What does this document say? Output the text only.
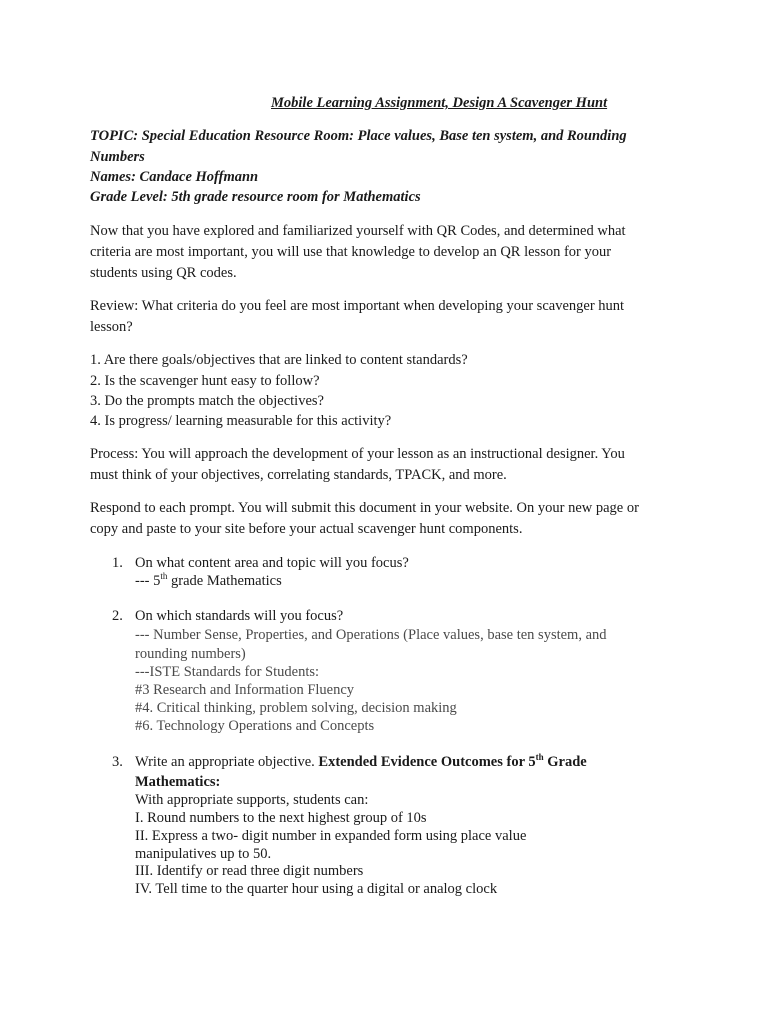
Mobile Learning Assignment, Design A Scavenger Hunt
TOPIC: Special Education Resource Room: Place values, Base ten system, and Rounding
Numbers
Names: Candace Hoffmann
Grade Level: 5th grade resource room for Mathematics
Now that you have explored and familiarized yourself with QR Codes, and determined what
criteria are most important, you will use that knowledge to develop an QR lesson for your
students using QR codes.
Review: What criteria do you feel are most important when developing your scavenger hunt
lesson?
1. Are there goals/objectives that are linked to content standards?
2. Is the scavenger hunt easy to follow?
3. Do the prompts match the objectives?
4. Is progress/ learning measurable for this activity?
Process: You will approach the development of your lesson as an instructional designer. You
must think of your objectives, correlating standards, TPACK, and more.
Respond to each prompt. You will submit this document in your website. On your new page or
copy and paste to your site before your actual scavenger hunt components.
1. On what content area and topic will you focus?
--- 5th grade Mathematics
2. On which standards will you focus?
--- Number Sense, Properties, and Operations (Place values, base ten system, and
rounding numbers)
---ISTE Standards for Students:
#3 Research and Information Fluency
#4. Critical thinking, problem solving, decision making
#6. Technology Operations and Concepts
3. Write an appropriate objective. Extended Evidence Outcomes for 5th Grade
Mathematics:
With appropriate supports, students can:
I. Round numbers to the next highest group of 10s
II. Express a two- digit number in expanded form using place value
manipulatives up to 50.
III. Identify or read three digit numbers
IV. Tell time to the quarter hour using a digital or analog clock
